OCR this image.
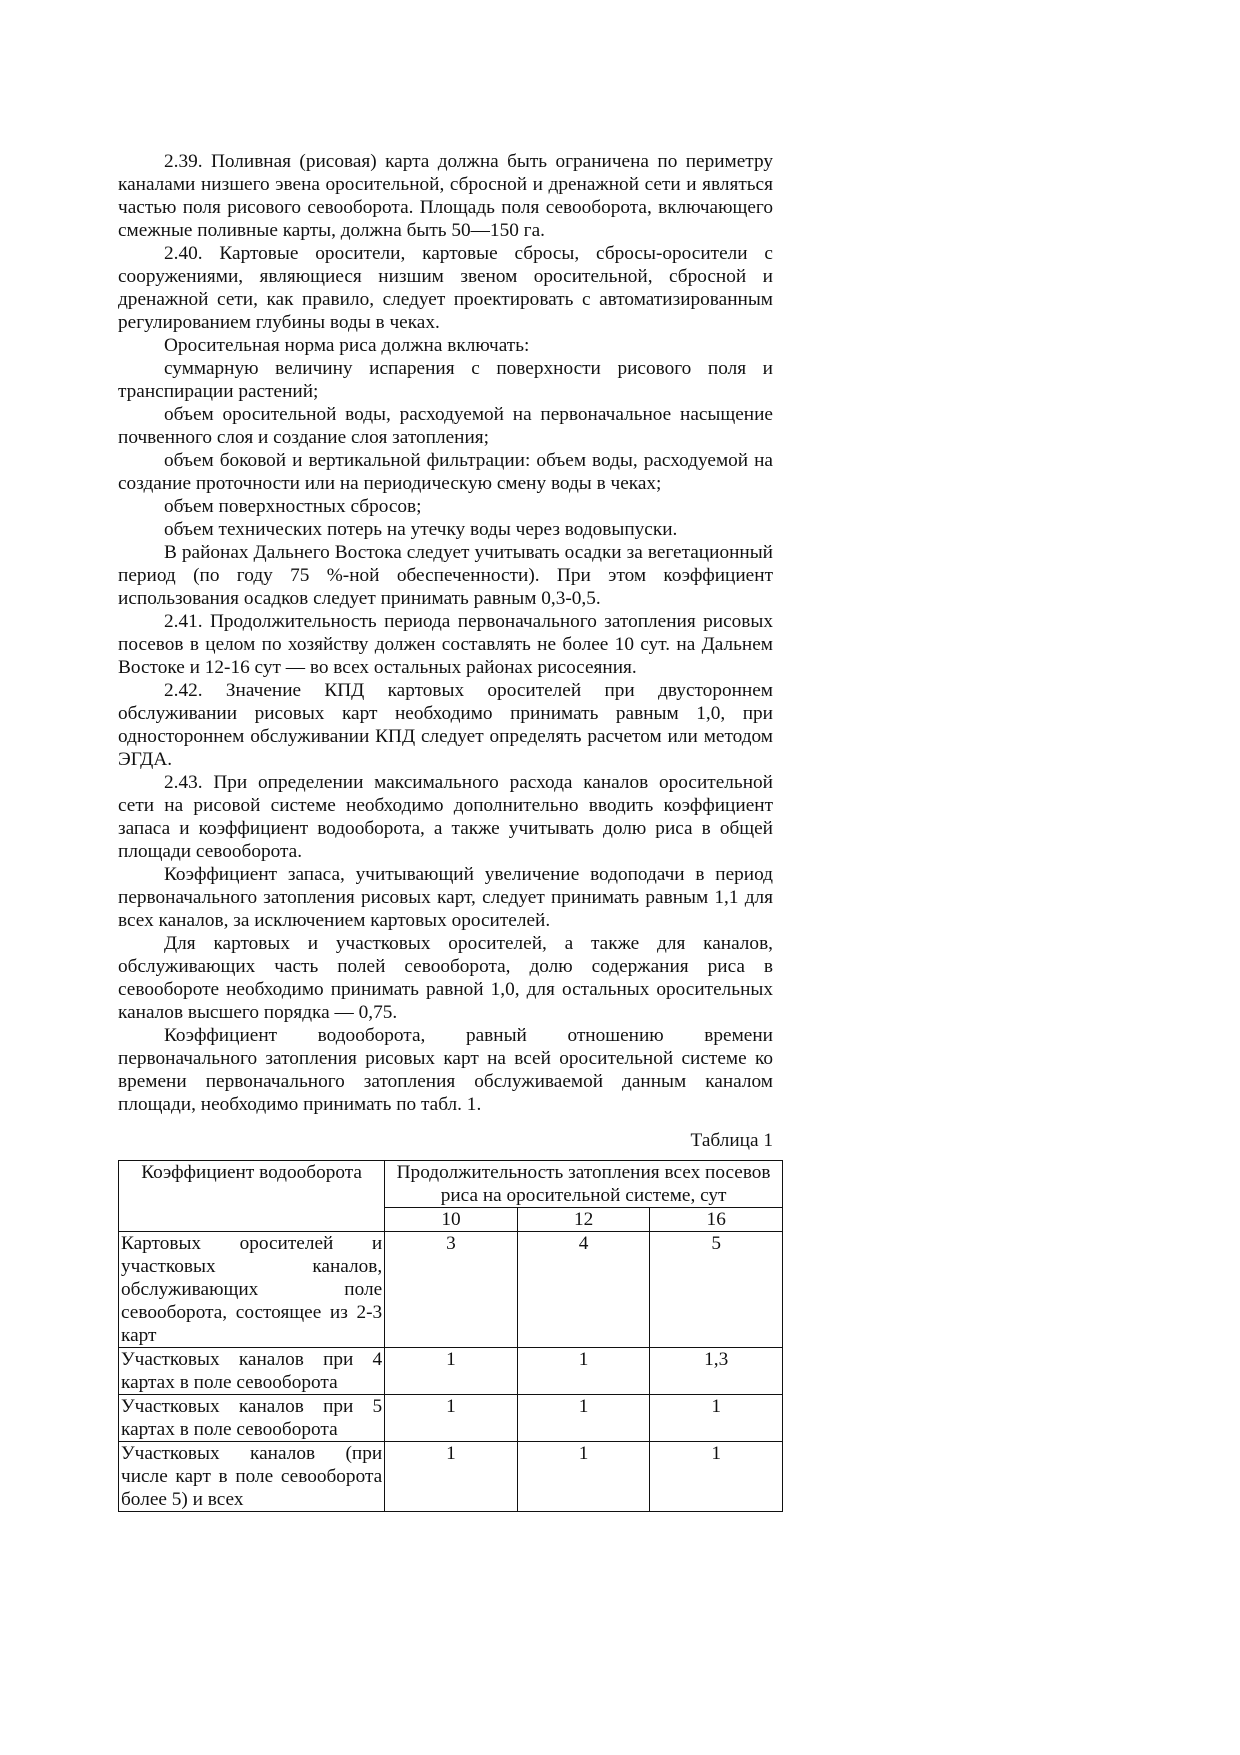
2.39. Поливная (рисовая) карта должна быть ограничена по периметру каналами низшего эвена оросительной, сбросной и дренажной сети и являться частью поля рисового севооборота. Площадь поля севооборота, включающего смежные поливные карты, должна быть 50—150 га.

2.40. Картовые оросители, картовые сбросы, сбросы-оросители с сооружениями, являющиеся низшим звеном оросительной, сбросной и дренажной сети, как правило, следует проектировать с автоматизированным регулированием глубины воды в чеках.

Оросительная норма риса должна включать:

суммарную величину испарения с поверхности рисового поля и транспирации растений;

объем оросительной воды, расходуемой на первоначальное насыщение почвенного слоя и создание слоя затопления;

объем боковой и вертикальной фильтрации: объем воды, расходуемой на создание проточности или на периодическую смену воды в чеках;

объем поверхностных сбросов;

объем технических потерь на утечку воды через водовыпуски.

В районах Дальнего Востока следует учитывать осадки за вегетационный период (по году 75 %-ной обеспеченности). При этом коэффициент использования осадков следует принимать равным 0,3-0,5.

2.41. Продолжительность периода первоначального затопления рисовых посевов в целом по хозяйству должен составлять не более 10 сут. на Дальнем Востоке и 12-16 сут — во всех остальных районах рисосеяния.

2.42. Значение КПД картовых оросителей при двустороннем обслуживании рисовых карт необходимо принимать равным 1,0, при одностороннем обслуживании КПД следует определять расчетом или методом ЭГДА.

2.43. При определении максимального расхода каналов оросительной сети на рисовой системе необходимо дополнительно вводить коэффициент запаса и коэффициент водооборота, а также учитывать долю риса в общей площади севооборота.

Коэффициент запаса, учитывающий увеличение водоподачи в период первоначального затопления рисовых карт, следует принимать равным 1,1 для всех каналов, за исключением картовых оросителей.

Для картовых и участковых оросителей, а также для каналов, обслуживающих часть полей севооборота, долю содержания риса в севообороте необходимо принимать равной 1,0, для остальных оросительных каналов высшего порядка — 0,75.

Коэффициент водооборота, равный отношению времени первоначального затопления рисовых карт на всей оросительной системе ко времени первоначального затопления обслуживаемой данным каналом площади, необходимо принимать по табл. 1.

Таблица 1

Коэффициент водооборота	Продолжительность затопления всех посевов риса на оросительной системе, сут		
	10	12	16
Картовых оросителей и участковых каналов, обслуживающих поле севооборота, состоящее из 2-3 карт	3	4	5
Участковых каналов при 4 картах в поле севооборота	1	1	1,3
Участковых каналов при 5 картах в поле севооборота	1	1	1
Участковых каналов (при числе карт в поле севооборота более 5) и всех	1	1	1
